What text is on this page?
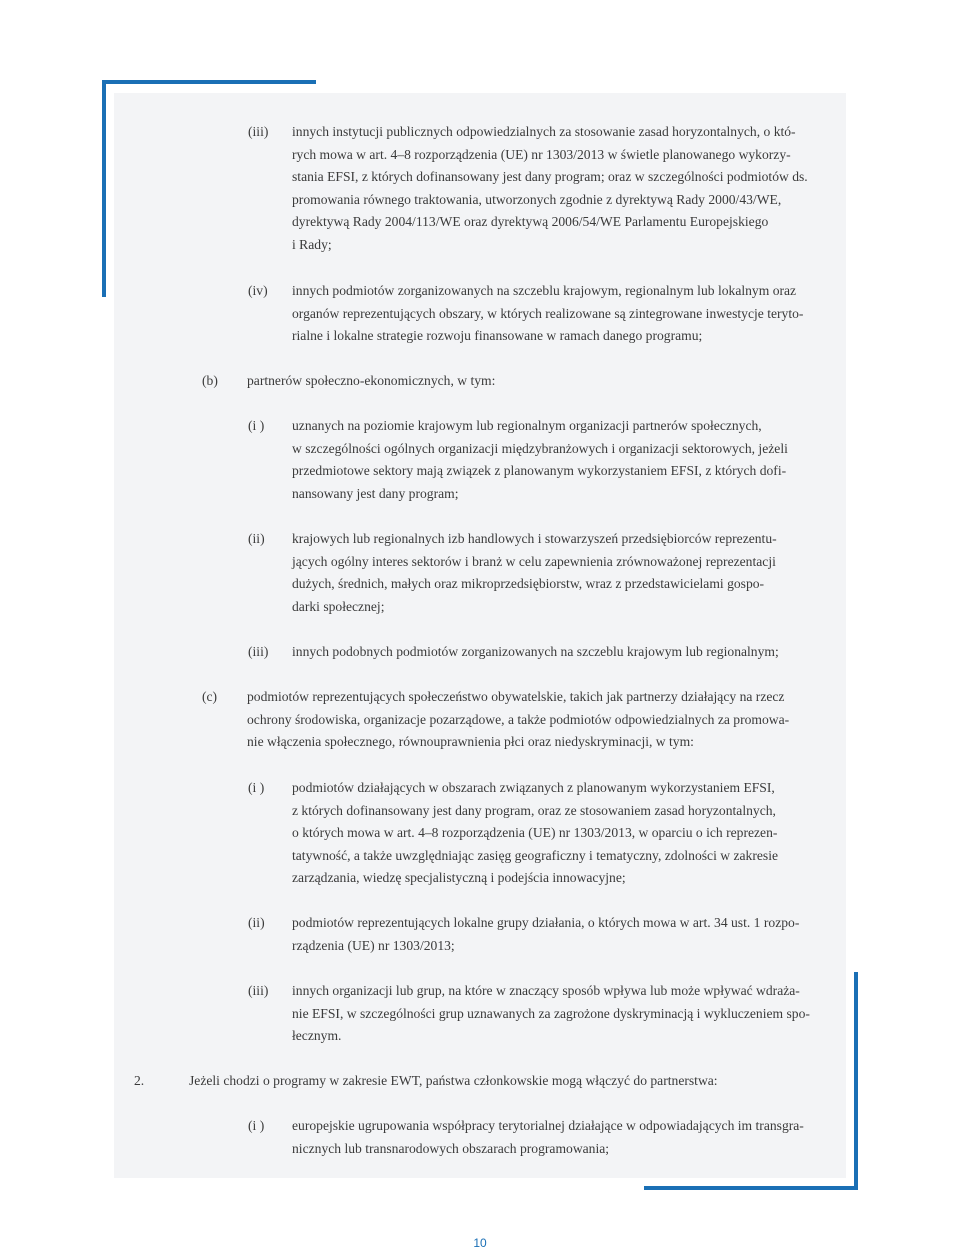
(iii) innych instytucji publicznych odpowiedzialnych za stosowanie zasad horyzontalnych, o któ-
rych mowa w art. 4–8 rozporządzenia (UE) nr 1303/2013 w świetle planowanego wykorzy-
stania EFSI, z których dofinansowany jest dany program; oraz w szczególności podmiotów ds.
promowania równego traktowania, utworzonych zgodnie z dyrektywą Rady 2000/43/WE,
dyrektywą Rady 2004/113/WE oraz dyrektywą 2006/54/WE Parlamentu Europejskiego
i Rady;
(iv) innych podmiotów zorganizowanych na szczeblu krajowym, regionalnym lub lokalnym oraz
organów reprezentujących obszary, w których realizowane są zintegrowane inwestycje teryto-
rialne i lokalne strategie rozwoju finansowane w ramach danego programu;
(b) partnerów społeczno-ekonomicznych, w tym:
(i ) uznanych na poziomie krajowym lub regionalnym organizacji partnerów społecznych,
w szczególności ogólnych organizacji międzybranżowych i organizacji sektorowych, jeżeli
przedmiotowe sektory mają związek z planowanym wykorzystaniem EFSI, z których dofi-
nansowany jest dany program;
(ii) krajowych lub regionalnych izb handlowych i stowarzyszeń przedsiębiorców reprezentu-
jących ogólny interes sektorów i branż w celu zapewnienia zrównoważonej reprezentacji
dużych, średnich, małych oraz mikroprzedsiębiorstw, wraz z przedstawicielami gospo-
darki społecznej;
(iii) innych podobnych podmiotów zorganizowanych na szczeblu krajowym lub regionalnym;
(c) podmiotów reprezentujących społeczeństwo obywatelskie, takich jak partnerzy działający na rzecz
ochrony środowiska, organizacje pozarządowe, a także podmiotów odpowiedzialnych za promowa-
nie włączenia społecznego, równouprawnienia płci oraz niedyskryminacji, w tym:
(i ) podmiotów działających w obszarach związanych z planowanym wykorzystaniem EFSI,
z których dofinansowany jest dany program, oraz ze stosowaniem zasad horyzontalnych,
o których mowa w art. 4–8 rozporządzenia (UE) nr 1303/2013, w oparciu o ich reprezen-
tatywność, a także uwzględniając zasięg geograficzny i tematyczny, zdolności w zakresie
zarządzania, wiedzę specjalistyczną i podejścia innowacyjne;
(ii) podmiotów reprezentujących lokalne grupy działania, o których mowa w art. 34 ust. 1 rozpo-
rządzenia (UE) nr 1303/2013;
(iii) innych organizacji lub grup, na które w znaczący sposób wpływa lub może wpływać wdraża-
nie EFSI, w szczególności grup uznawanych za zagrożone dyskryminacją i wykluczeniem spo-
łecznym.
2.	Jeżeli chodzi o programy w zakresie EWT, państwa członkowskie mogą włączyć do partnerstwa:
(i ) europejskie ugrupowania współpracy terytorialnej działające w odpowiadających im transgra-
nicznych lub transnarodowych obszarach programowania;
10
